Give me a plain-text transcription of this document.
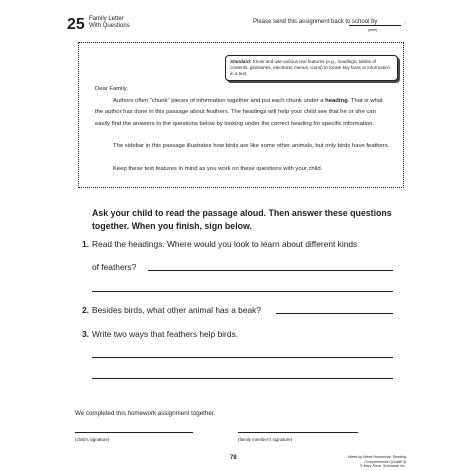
25 Family Letter
With Questions
Please send this assignment back to school by
(date)
.
Standard: Know and use various text features (e.g., headings, tables of contents, glossaries, electronic menus, icons) to locate key facts or information in a text.
Dear Family,
Authors often "chunk" pieces of information together and put each chunk under a heading. That is what the author has done in this passage about feathers. The headings will help your child see that he or she can easily find the answers to the questions below by looking under the correct heading for specific information.
The sidebar in this passage illustrates how birds are like some other animals, but only birds have feathers.
Keep these text features in mind as you work on these questions with your child.
Ask your child to read the passage aloud. Then answer these questions together. When you finish, sign below.
1. Read the headings. Where would you look to learn about different kinds
of feathers?
2. Besides birds, what other animal has a beak?
3. Write two ways that feathers help birds.
We completed this homework assignment together.
(child's signature)	(family member's signature)
78	Week-by-Week Homework: Reading Comprehension (Grade 3)
© Mary Rose, Scholastic Inc.
